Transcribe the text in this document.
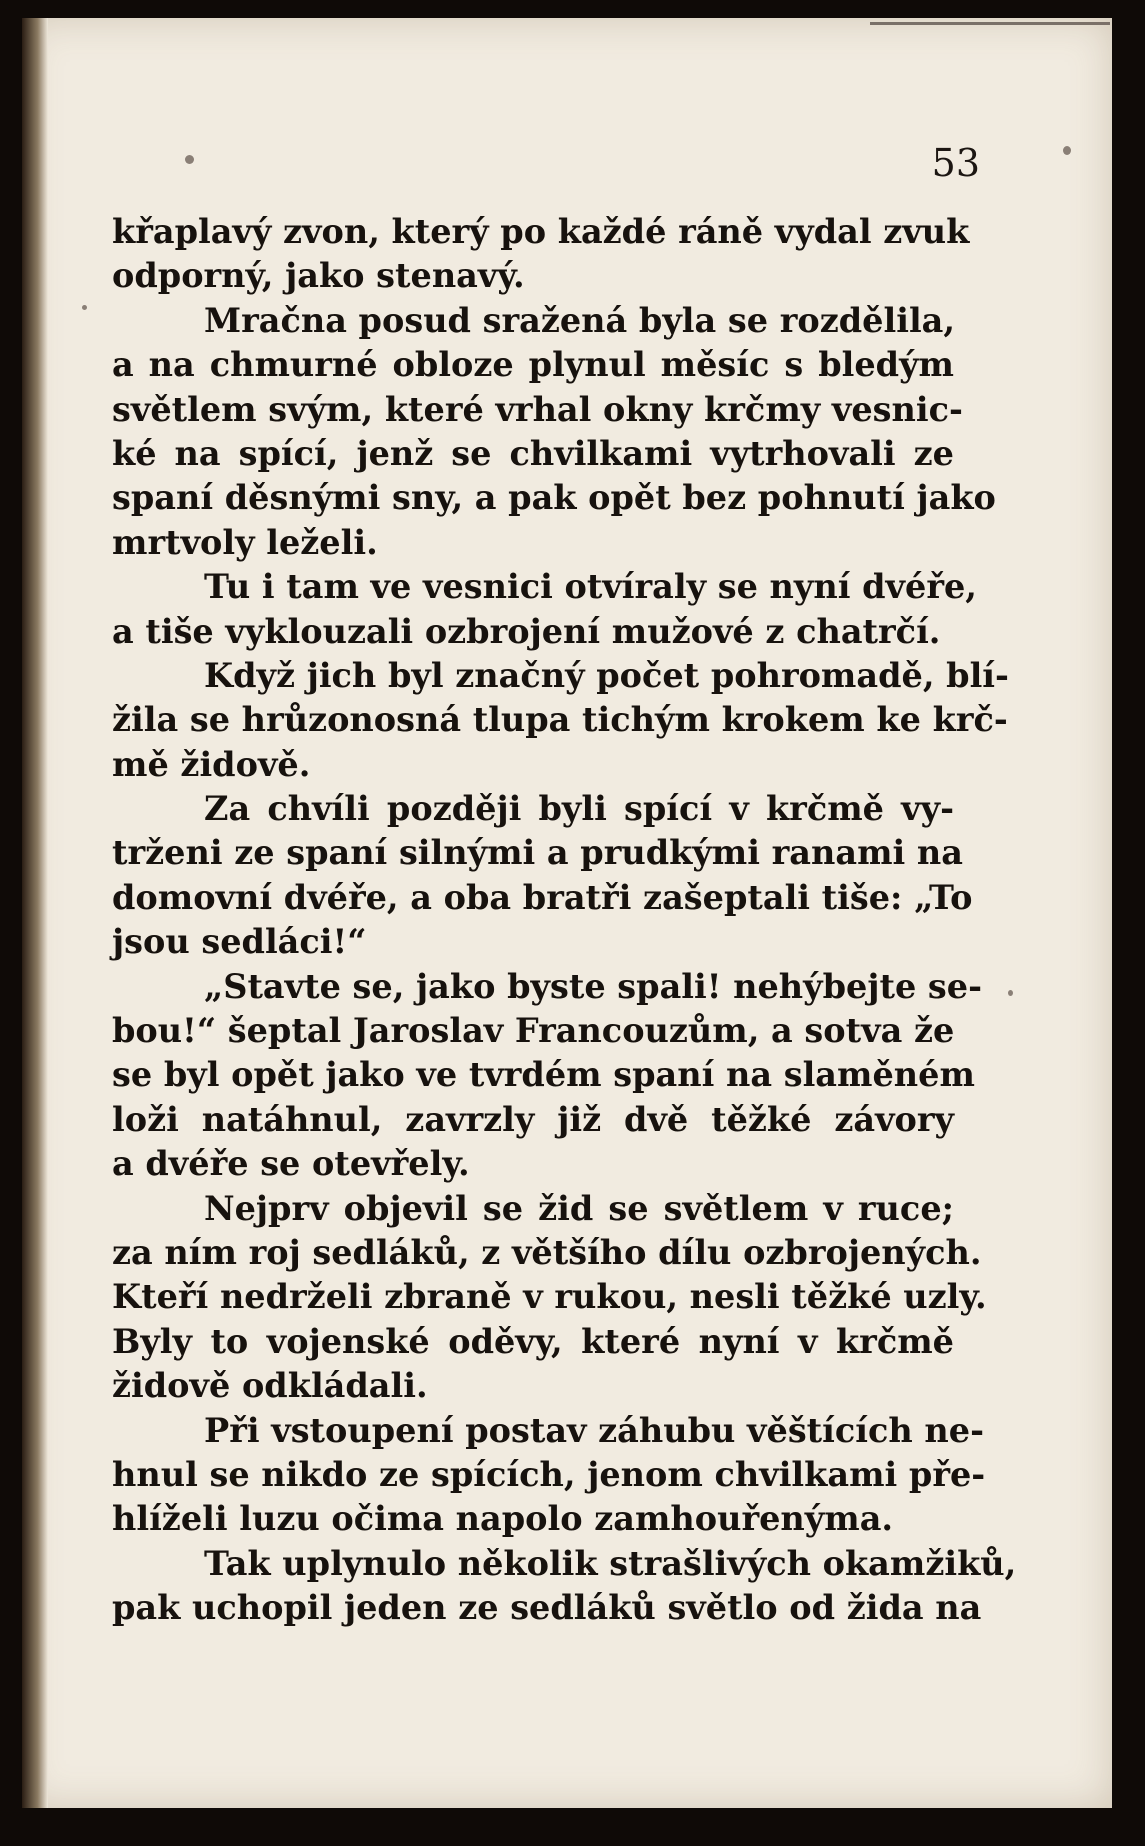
53
křaplavý zvon, který po každé ráně vydal zvuk
odporný, jako stenavý.
Mračna posud sražená byla se rozdělila,
a na chmurné obloze plynul měsíc s bledým
světlem svým, které vrhal okny krčmy vesnic-
ké na spící, jenž se chvilkami vytrhovali ze
spaní děsnými sny, a pak opět bez pohnutí jako
mrtvoly leželi.
Tu i tam ve vesnici otvíraly se nyní dvéře,
a tiše vyklouzali ozbrojení mužové z chatrčí.
Když jich byl značný počet pohromadě, blí-
žila se hrůzonosná tlupa tichým krokem ke krč-
mě židově.
Za chvíli později byli spící v krčmě vy-
trženi ze spaní silnými a prudkými ranami na
domovní dvéře, a oba bratři zašeptali tiše: „To
jsou sedláci!“
„Stavte se, jako byste spali! nehýbejte se-
bou!“ šeptal Jaroslav Francouzům, a sotva že
se byl opět jako ve tvrdém spaní na slaměném
loži natáhnul, zavrzly již dvě těžké závory
a dvéře se otevřely.
Nejprv objevil se žid se světlem v ruce;
za ním roj sedláků, z většího dílu ozbrojených.
Kteří nedrželi zbraně v rukou, nesli těžké uzly.
Byly to vojenské oděvy, které nyní v krčmě
židově odkládali.
Při vstoupení postav záhubu věštících ne-
hnul se nikdo ze spících, jenom chvilkami pře-
hlíželi luzu očima napolo zamhouřenýma.
Tak uplynulo několik strašlivých okamžiků,
pak uchopil jeden ze sedláků světlo od žida na
